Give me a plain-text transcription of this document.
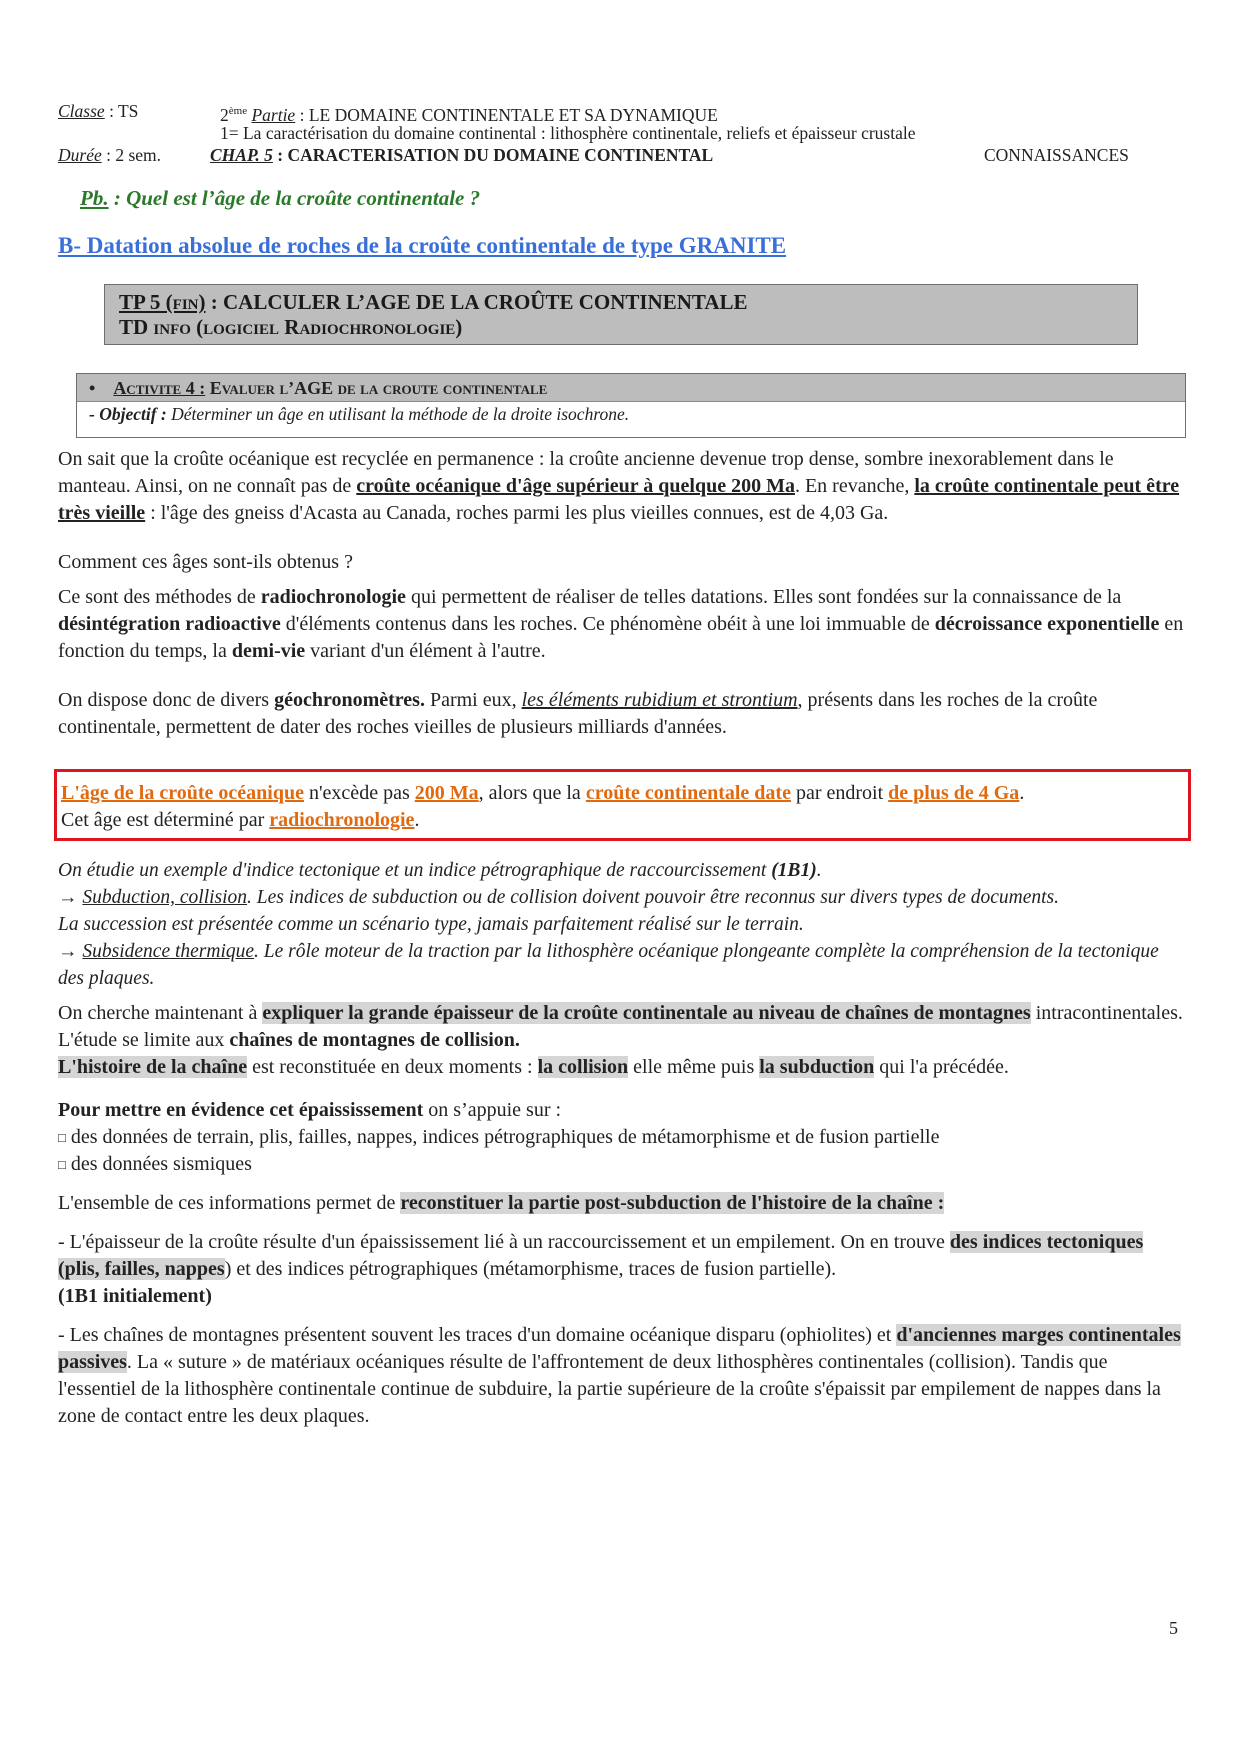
Classe : TS	2ème Partie : LE DOMAINE CONTINENTALE ET SA DYNAMIQUE
1= La caractérisation du domaine continental : lithosphère continentale, reliefs et épaisseur crustale
Durée : 2 sem.	CHAP. 5 : CARACTERISATION DU DOMAINE CONTINENTAL	CONNAISSANCES
Pb. : Quel est l’âge de la croûte continentale ?
B- Datation absolue de roches de la croûte continentale de type GRANITE
TP 5 (fin) : CALCULER L’AGE DE LA CROÛTE CONTINENTALE
TD info (logiciel Radiochronologie)
• Activite 4 : Evaluer l’AGE de la croute continentale
- Objectif : Déterminer un âge en utilisant la méthode de la droite isochrone.

On sait que la croûte océanique est recyclée en permanence : la croûte ancienne devenue trop dense, sombre inexorablement dans le manteau. Ainsi, on ne connaît pas de croûte océanique d'âge supérieur à quelque 200 Ma. En revanche, la croûte continentale peut être très vieille : l'âge des gneiss d'Acasta au Canada, roches parmi les plus vieilles connues, est de 4,03 Ga.

Comment ces âges sont-ils obtenus ?

Ce sont des méthodes de radiochronologie qui permettent de réaliser de telles datations. Elles sont fondées sur la connaissance de la désintégration radioactive d'éléments contenus dans les roches. Ce phénomène obéit à une loi immuable de décroissance exponentielle en fonction du temps, la demi-vie variant d'un élément à l'autre.

On dispose donc de divers géochronomètres. Parmi eux, les éléments rubidium et strontium, présents dans les roches de la croûte continentale, permettent de dater des roches vieilles de plusieurs milliards d'années.

L'âge de la croûte océanique n'excède pas 200 Ma, alors que la croûte continentale date par endroit de plus de 4 Ga.
Cet âge est déterminé par radiochronologie.

On étudie un exemple d'indice tectonique et un indice pétrographique de raccourcissement (1B1).

→ Subduction, collision. Les indices de subduction ou de collision doivent pouvoir être reconnus sur divers types de documents.

La succession est présentée comme un scénario type, jamais parfaitement réalisé sur le terrain.

→ Subsidence thermique. Le rôle moteur de la traction par la lithosphère océanique plongeante complète la compréhension de la tectonique des plaques.

On cherche maintenant à expliquer la grande épaisseur de la croûte continentale au niveau de chaînes de montagnes intracontinentales.

L'étude se limite aux chaînes de montagnes de collision.

L'histoire de la chaîne est reconstituée en deux moments : la collision elle même puis la subduction qui l'a précédée.

Pour mettre en évidence cet épaississement on s’appuie sur :

□ des données de terrain, plis, failles, nappes, indices pétrographiques de métamorphisme et de fusion partielle

□ des données sismiques

L'ensemble de ces informations permet de reconstituer la partie post-subduction de l'histoire de la chaîne :

- L'épaisseur de la croûte résulte d'un épaississement lié à un raccourcissement et un empilement. On en trouve des indices tectoniques (plis, failles, nappes) et des indices pétrographiques (métamorphisme, traces de fusion partielle).

(1B1 initialement)

- Les chaînes de montagnes présentent souvent les traces d'un domaine océanique disparu (ophiolites) et d'anciennes marges continentales passives. La « suture » de matériaux océaniques résulte de l'affrontement de deux lithosphères continentales (collision). Tandis que l'essentiel de la lithosphère continentale continue de subduire, la partie supérieure de la croûte s'épaissit par empilement de nappes dans la zone de contact entre les deux plaques.

5
